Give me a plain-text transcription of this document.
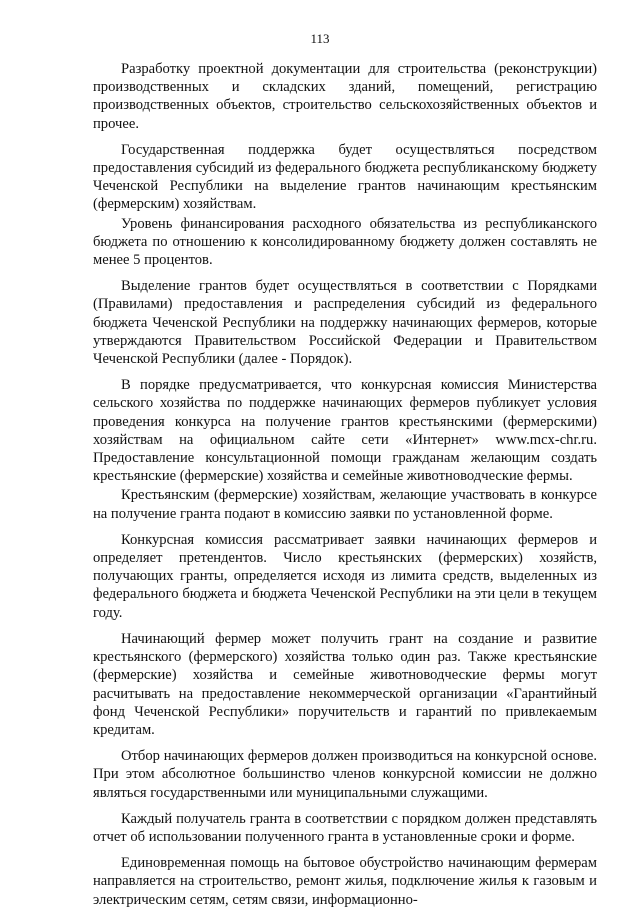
113

Разработку проектной документации для строительства (реконструкции) производственных и складских зданий, помещений, регистрацию производственных объектов, строительство сельскохозяйственных объектов и прочее.

Государственная поддержка будет осуществляться посредством предоставления субсидий из федерального бюджета республиканскому бюджету Чеченской Республики на выделение грантов начинающим крестьянским (фермерским) хозяйствам.

Уровень финансирования расходного обязательства из республиканского бюджета по отношению к консолидированному бюджету должен составлять не менее 5 процентов.

Выделение грантов будет осуществляться в соответствии с Порядками (Правилами) предоставления и распределения субсидий из федерального бюджета Чеченской Республики на поддержку начинающих фермеров, которые утверждаются Правительством Российской Федерации и Правительством Чеченской Республики (далее - Порядок).

В порядке предусматривается, что конкурсная комиссия Министерства сельского хозяйства по поддержке начинающих фермеров публикует условия проведения конкурса на получение грантов крестьянскими (фермерскими) хозяйствам на официальном сайте сети «Интернет» www.mcx-chr.ru. Предоставление консультационной помощи гражданам желающим создать крестьянские (фермерские) хозяйства и семейные животноводческие фермы.

Крестьянским (фермерские) хозяйствам, желающие участвовать в конкурсе на получение гранта подают в комиссию заявки по установленной форме.

Конкурсная комиссия рассматривает заявки начинающих фермеров и определяет претендентов. Число крестьянских (фермерских) хозяйств, получающих гранты, определяется исходя из лимита средств, выделенных из федерального бюджета и бюджета Чеченской Республики на эти цели в текущем году.

Начинающий фермер может получить грант на создание и развитие крестьянского (фермерского) хозяйства только один раз. Также крестьянские (фермерские) хозяйства и семейные животноводческие фермы могут расчитывать на предоставление некоммерческой организации «Гарантийный фонд Чеченской Республики» поручительств и гарантий по привлекаемым кредитам.

Отбор начинающих фермеров должен производиться на конкурсной основе. При этом абсолютное большинство членов конкурсной комиссии не должно являться государственными или муниципальными служащими.

Каждый получатель гранта в соответствии с порядком должен представлять отчет об использовании полученного гранта в установленные сроки и форме.

Единовременная помощь на бытовое обустройство начинающим фермерам направляется на строительство, ремонт жилья, подключение жилья к газовым и электрическим сетям, сетям связи, информационно-
